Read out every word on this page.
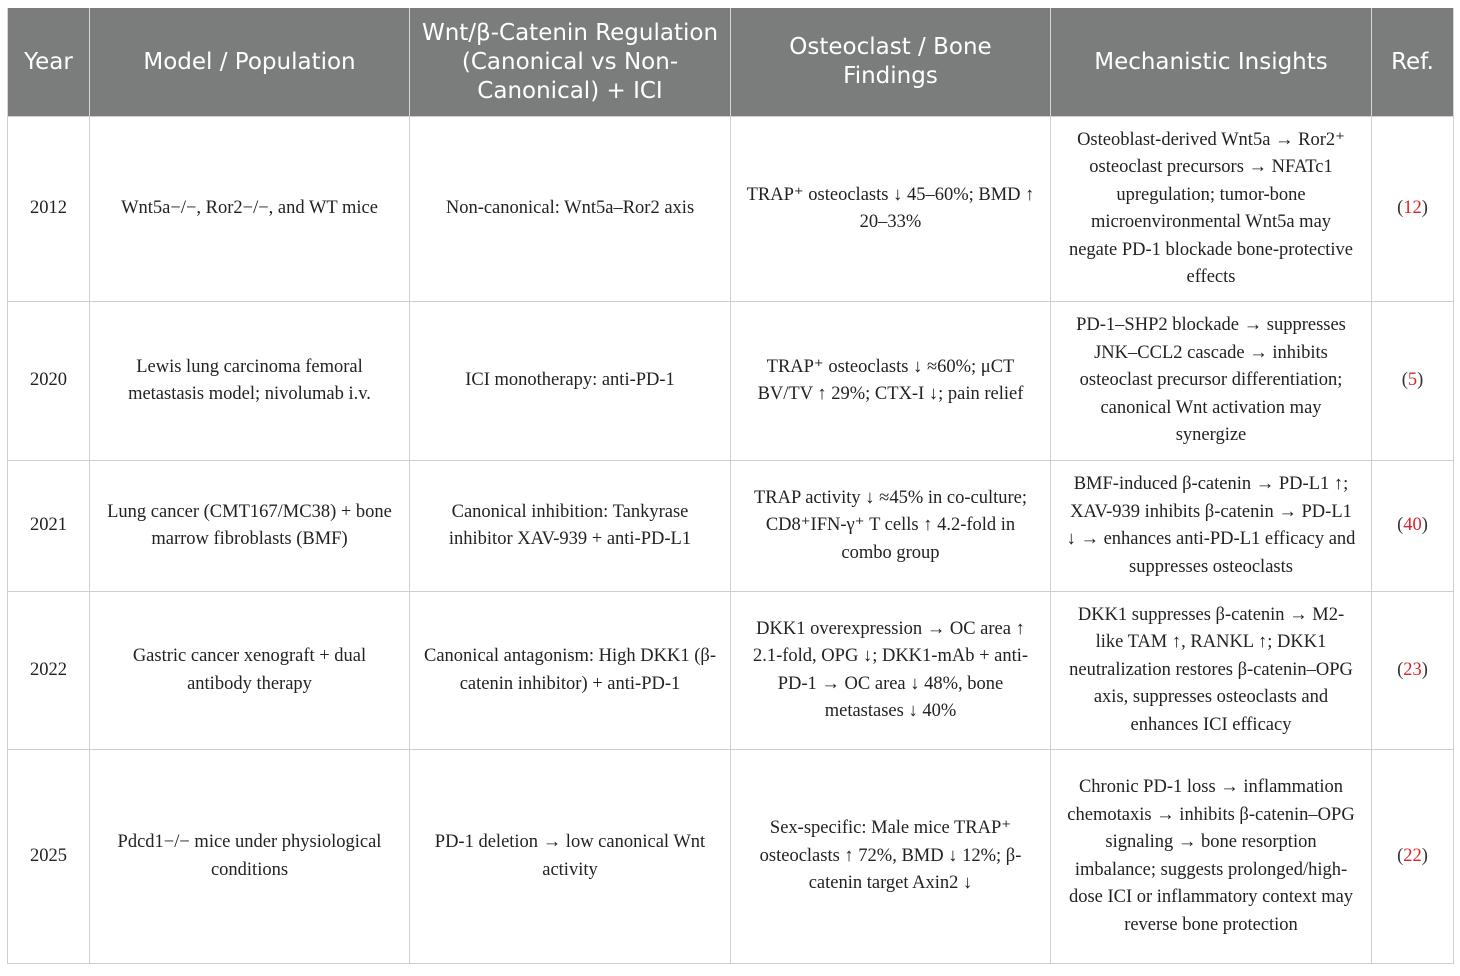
Year	Model / Population	Wnt/β-Catenin Regulation (Canonical vs Non-Canonical) + ICI	Osteoclast / Bone Findings	Mechanistic Insights	Ref.
2012	Wnt5a−/−, Ror2−/−, and WT mice	Non-canonical: Wnt5a–Ror2 axis	TRAP⁺ osteoclasts ↓ 45–60%; BMD ↑ 20–33%	Osteoblast-derived Wnt5a → Ror2⁺ osteoclast precursors → NFATc1 upregulation; tumor-bone microenvironmental Wnt5a may negate PD-1 blockade bone-protective effects	(12)
2020	Lewis lung carcinoma femoral metastasis model; nivolumab i.v.	ICI monotherapy: anti-PD-1	TRAP⁺ osteoclasts ↓ ≈60%; μCT BV/TV ↑ 29%; CTX-I ↓; pain relief	PD-1–SHP2 blockade → suppresses JNK–CCL2 cascade → inhibits osteoclast precursor differentiation; canonical Wnt activation may synergize	(5)
2021	Lung cancer (CMT167/MC38) + bone marrow fibroblasts (BMF)	Canonical inhibition: Tankyrase inhibitor XAV-939 + anti-PD-L1	TRAP activity ↓ ≈45% in co-culture; CD8⁺IFN-γ⁺ T cells ↑ 4.2-fold in combo group	BMF-induced β-catenin → PD-L1 ↑; XAV-939 inhibits β-catenin → PD-L1 ↓ → enhances anti-PD-L1 efficacy and suppresses osteoclasts	(40)
2022	Gastric cancer xenograft + dual antibody therapy	Canonical antagonism: High DKK1 (β-catenin inhibitor) + anti-PD-1	DKK1 overexpression → OC area ↑ 2.1-fold, OPG ↓; DKK1-mAb + anti-PD-1 → OC area ↓ 48%, bone metastases ↓ 40%	DKK1 suppresses β-catenin → M2-like TAM ↑, RANKL ↑; DKK1 neutralization restores β-catenin–OPG axis, suppresses osteoclasts and enhances ICI efficacy	(23)
2025	Pdcd1−/− mice under physiological conditions	PD-1 deletion → low canonical Wnt activity	Sex-specific: Male mice TRAP⁺ osteoclasts ↑ 72%, BMD ↓ 12%; β-catenin target Axin2 ↓	Chronic PD-1 loss → inflammation chemotaxis → inhibits β-catenin–OPG signaling → bone resorption imbalance; suggests prolonged/high-dose ICI or inflammatory context may reverse bone protection	(22)
